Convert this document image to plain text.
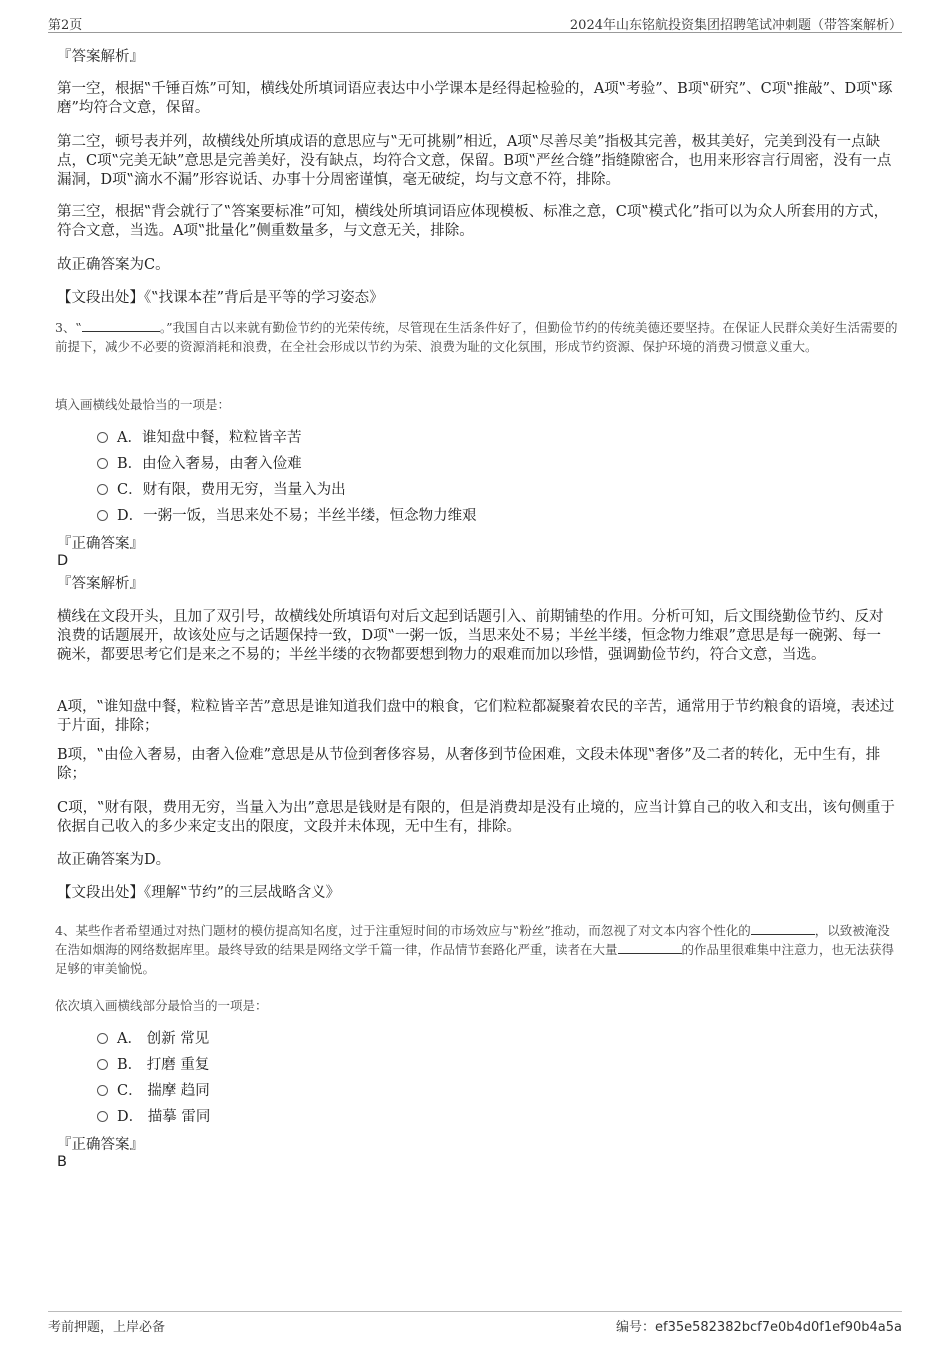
第2页	2024年山东铭航投资集团招聘笔试冲刺题（带答案解析）
『答案解析』

第一空，根据‟千锤百炼”可知，横线处所填词语应表达中小学课本是经得起检验的，A项‟考验”、B项‟研究”、C项‟推敲”、D项‟琢磨”均符合文意，保留。

第二空，顿号表并列，故横线处所填成语的意思应与‟无可挑剔”相近，A项‟尽善尽美”指极其完善，极其美好，完美到没有一点缺点，C项‟完美无缺”意思是完善美好，没有缺点，均符合文意，保留。B项‟严丝合缝”指缝隙密合，也用来形容言行周密，没有一点漏洞，D项‟滴水不漏”形容说话、办事十分周密谨慎，毫无破绽，均与文意不符，排除。

第三空，根据‟背会就行了‟答案要标准”可知，横线处所填词语应体现模板、标准之意，C项‟模式化”指可以为众人所套用的方式，符合文意，当选。A项‟批量化”侧重数量多，与文意无关，排除。

故正确答案为C。

【文段出处】《‟找课本茬”背后是平等的学习姿态》

3、‟	。”我国自古以来就有勤俭节约的光荣传统，尽管现在生活条件好了，但勤俭节约的传统美德还要坚持。在保证人民群众美好生活需要的前提下，减少不必要的资源消耗和浪费，在全社会形成以节约为荣、浪费为耻的文化氛围，形成节约资源、保护环境的消费习惯意义重大。

填入画横线处最恰当的一项是：

A．谁知盘中餐，粒粒皆辛苦
B．由俭入奢易，由奢入俭难
C．财有限，费用无穷，当量入为出
D．一粥一饭，当思来处不易；半丝半缕，恒念物力维艰
『正确答案』
D
『答案解析』

横线在文段开头，且加了双引号，故横线处所填语句对后文起到话题引入、前期铺垫的作用。分析可知，后文围绕勤俭节约、反对浪费的话题展开，故该处应与之话题保持一致，D项‟一粥一饭，当思来处不易；半丝半缕，恒念物力维艰”意思是每一碗粥、每一碗米，都要思考它们是来之不易的；半丝半缕的衣物都要想到物力的艰难而加以珍惜，强调勤俭节约，符合文意，当选。

A项，‟谁知盘中餐，粒粒皆辛苦”意思是谁知道我们盘中的粮食，它们粒粒都凝聚着农民的辛苦，通常用于节约粮食的语境，表述过于片面，排除；

B项，‟由俭入奢易，由奢入俭难”意思是从节俭到奢侈容易，从奢侈到节俭困难，文段未体现‟奢侈”及二者的转化，无中生有，排除；

C项，‟财有限，费用无穷，当量入为出”意思是钱财是有限的，但是消费却是没有止境的，应当计算自己的收入和支出，该句侧重于依据自己收入的多少来定支出的限度，文段并未体现，无中生有，排除。

故正确答案为D。

【文段出处】《理解‟节约”的三层战略含义》

4、某些作者希望通过对热门题材的模仿提高知名度，过于注重短时间的市场效应与‟粉丝”推动，而忽视了对文本内容个性化的	，以致被淹没在浩如烟海的网络数据库里。最终导致的结果是网络文学千篇一律，作品情节套路化严重，读者在大量	的作品里很难集中注意力，也无法获得足够的审美愉悦。

依次填入画横线部分最恰当的一项是：

A． 创新 常见
B． 打磨 重复
C． 揣摩 趋同
D． 描摹 雷同
『正确答案』
B
考前押题，上岸必备	编号：ef35e582382bcf7e0b4d0f1ef90b4a5a
